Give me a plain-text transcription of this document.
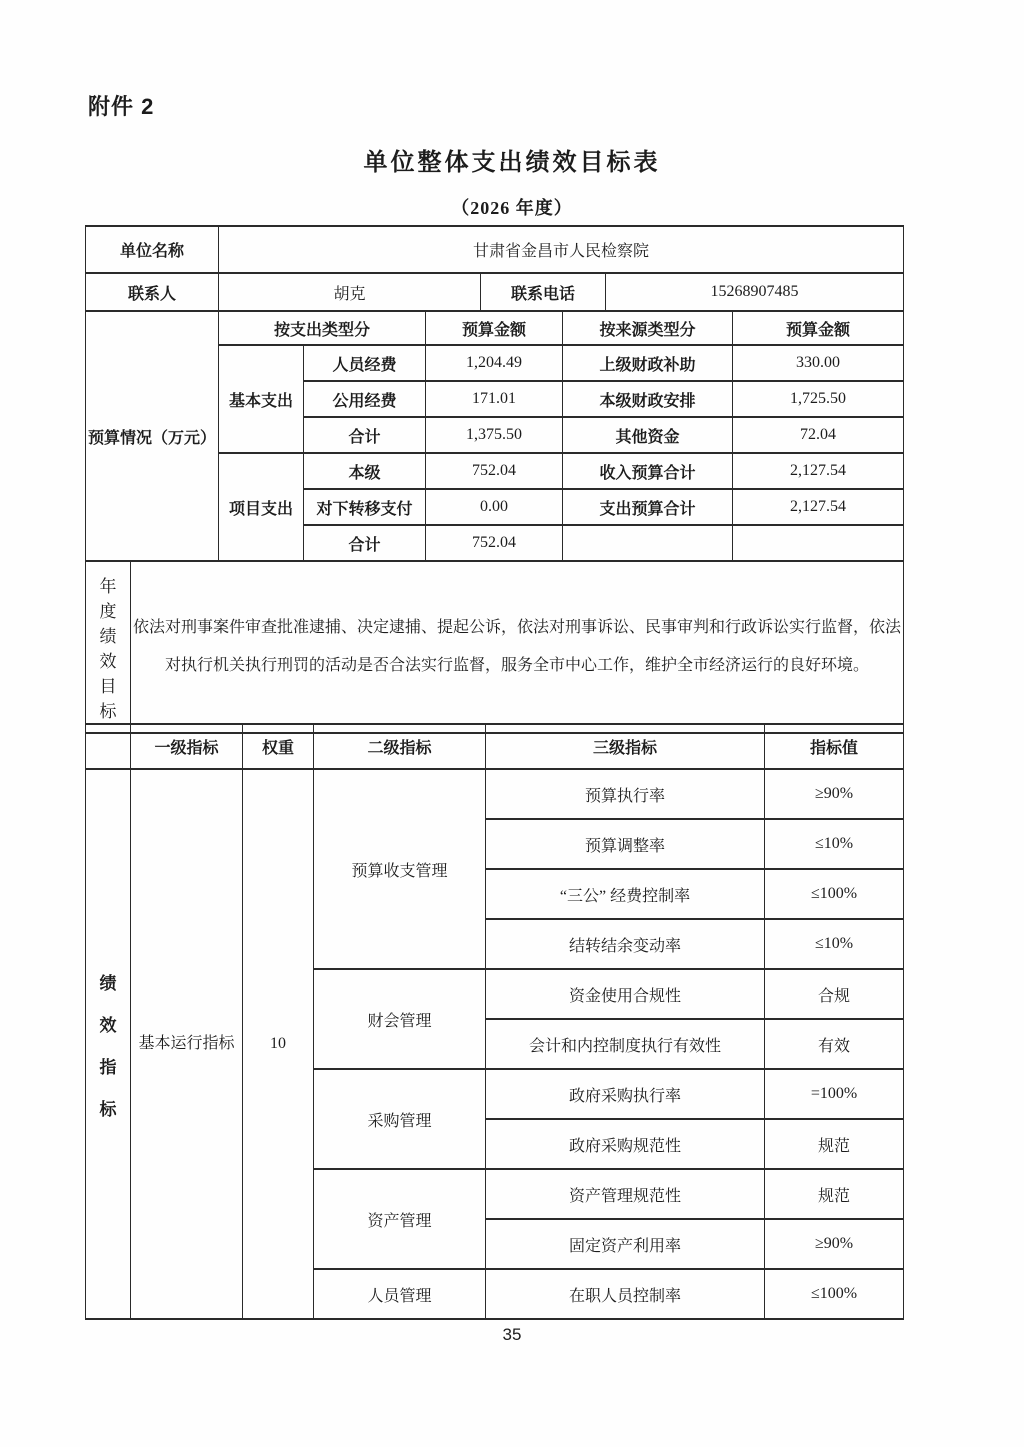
附件 2
单位整体支出绩效目标表
（2026 年度）
单位名称	甘肃省金昌市人民检察院		
联系人	胡克	联系电话	15268907485
预算情况（万元）	按支出类型分		预算金额	按来源类型分	预算金额
	基本支出	人员经费	1,204.49	上级财政补助	330.00
		公用经费	171.01	本级财政安排	1,725.50
		合计	1,375.50	其他资金	72.04
	项目支出	本级	752.04	收入预算合计	2,127.54
		对下转移支付	0.00	支出预算合计	2,127.54
		合计	752.04		
年
度
绩
效
目
标
	依法对刑事案件审查批准逮捕、决定逮捕、提起公诉，依法对刑事诉讼、民事审判和行政诉讼实行监督，依法对执行机关执行刑罚的活动是否合法实行监督，服务全市中心工作，维护全市经济运行的良好环境。
	一级指标	权重	二级指标	三级指标	指标值

绩
效
指
标	基本运行指标	10	预算收支管理	预算执行率	≥90%
				预算调整率	≤10%
				“三公” 经费控制率	≤100%
				结转结余变动率	≤10%
			财会管理	资金使用合规性	合规
				会计和内控制度执行有效性	有效
			采购管理	政府采购执行率	=100%
				政府采购规范性	规范
			资产管理	资产管理规范性	规范
				固定资产利用率	≥90%
			人员管理	在职人员控制率	≤100%
35
